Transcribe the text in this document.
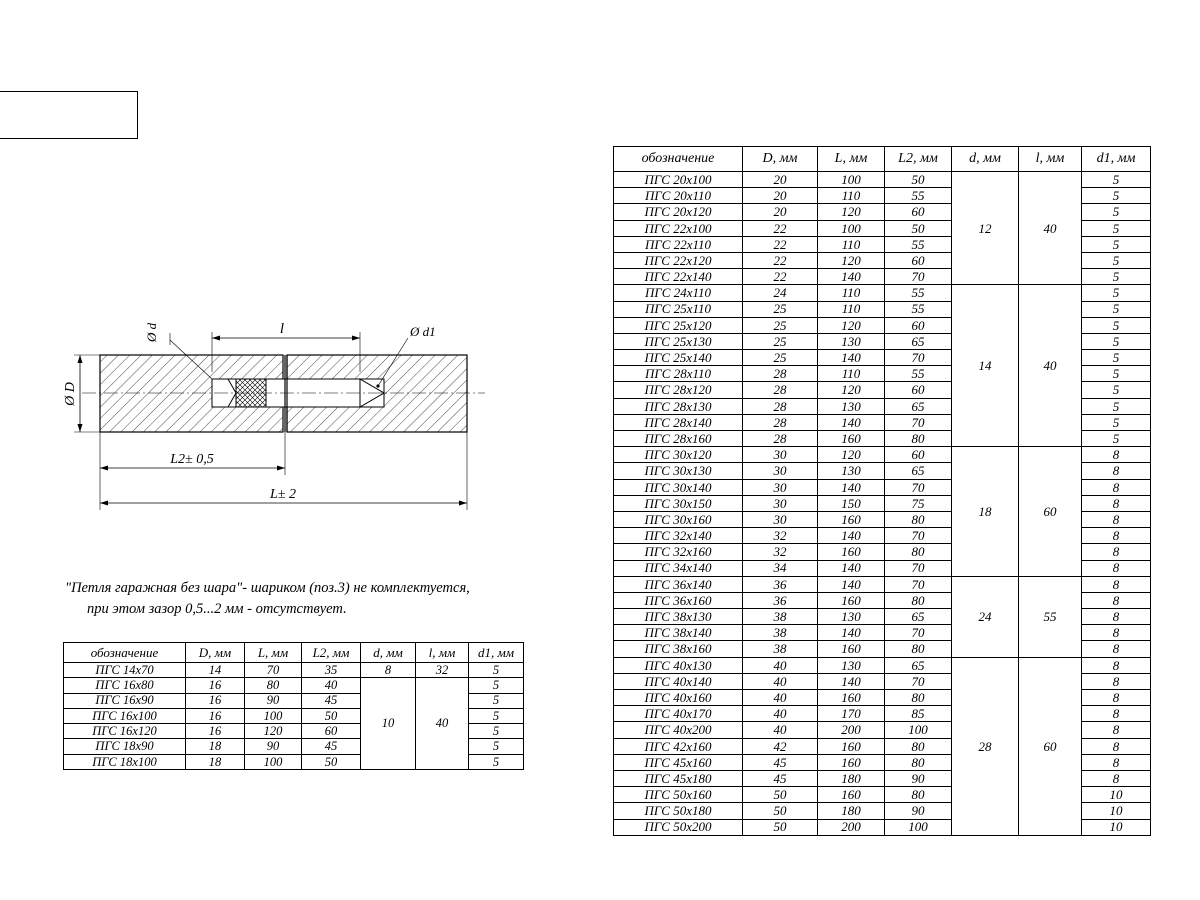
Ø d	l	Ø d1
Ø D
L2± 0,5
L± 2
"Петля гаражная без шара"- шариком (поз.3) не комплектуется,
при этом зазор 0,5...2 мм - отсутствует.
обозначение	D, мм	L, мм	L2, мм	d, мм	l, мм	d1, мм
ПГС 20х100	20	100	50	12	40	5
ПГС 20х110	20	110	55			5
ПГС 20х120	20	120	60			5
ПГС 22х100	22	100	50			5
ПГС 22х110	22	110	55			5
ПГС 22х120	22	120	60			5
ПГС 22х140	22	140	70			5
ПГС 24х110	24	110	55	14	40	5
ПГС 25х110	25	110	55			5
ПГС 25х120	25	120	60			5
ПГС 25х130	25	130	65			5
ПГС 25х140	25	140	70			5
ПГС 28х110	28	110	55			5
ПГС 28х120	28	120	60			5
ПГС 28х130	28	130	65			5
ПГС 28х140	28	140	70			5
ПГС 28х160	28	160	80			5
ПГС 30х120	30	120	60	18	60	8
ПГС 30х130	30	130	65			8
ПГС 30х140	30	140	70			8
ПГС 30х150	30	150	75			8
ПГС 30х160	30	160	80			8
ПГС 32х140	32	140	70			8
ПГС 32х160	32	160	80			8
ПГС 34х140	34	140	70			8
ПГС 36х140	36	140	70	24	55	8
ПГС 36х160	36	160	80			8
ПГС 38х130	38	130	65			8
ПГС 38х140	38	140	70			8
ПГС 38х160	38	160	80			8
ПГС 40х130	40	130	65	28	60	8
ПГС 40х140	40	140	70			8
ПГС 40х160	40	160	80			8
ПГС 40х170	40	170	85			8
ПГС 40х200	40	200	100			8
ПГС 42х160	42	160	80			8
ПГС 45х160	45	160	80			8
ПГС 45х180	45	180	90			8
ПГС 50х160	50	160	80			10
ПГС 50х180	50	180	90			10
ПГС 50х200	50	200	100			10
обозначение	D, мм	L, мм	L2, мм	d, мм	l, мм	d1, мм
ПГС 14х70	14	70	35	8	32	5
ПГС 16х80	16	80	40	10	40	5
ПГС 16х90	16	90	45			5
ПГС 16х100	16	100	50			5
ПГС 16х120	16	120	60			5
ПГС 18х90	18	90	45			5
ПГС 18х100	18	100	50			5
